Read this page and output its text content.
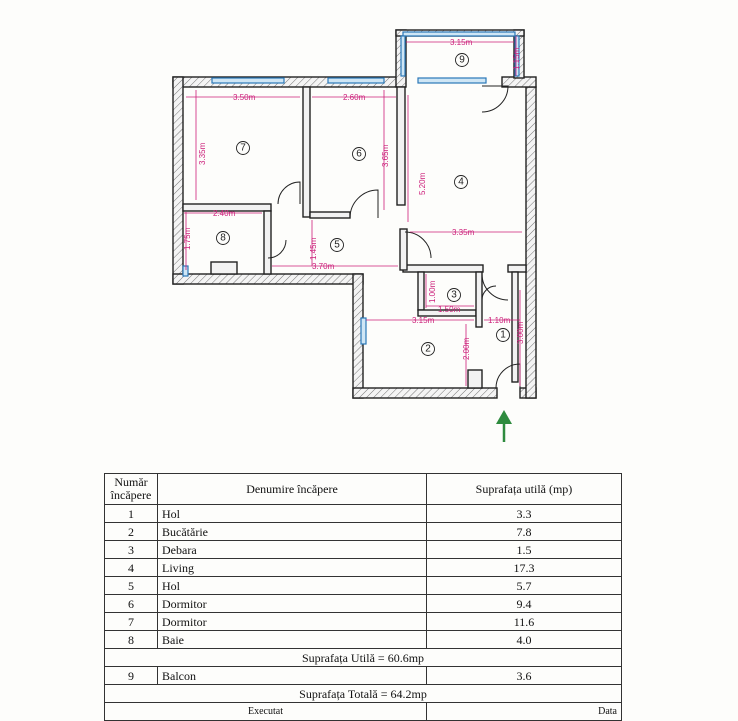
3.15m
1.15m
3.50m	2.60m
3.35m	3.65m
5.20m
2.40m
1.75m	1.45m
3.70m
3.35m
1.00m
1.50m
3.15m	1.10m
3.00m
2.00m
9
7
6
4
8
5
3
1
2
Număr încăpere	Denumire încăpere	Suprafața utilă (mp)
1	Hol	3.3
2	Bucătărie	7.8
3	Debara	1.5
4	Living	17.3
5	Hol	5.7
6	Dormitor	9.4
7	Dormitor	11.6
8	Baie	4.0
Suprafața Utilă = 60.6mp		
9	Balcon	3.6
Suprafața Totală = 64.2mp		
Executat		Data
